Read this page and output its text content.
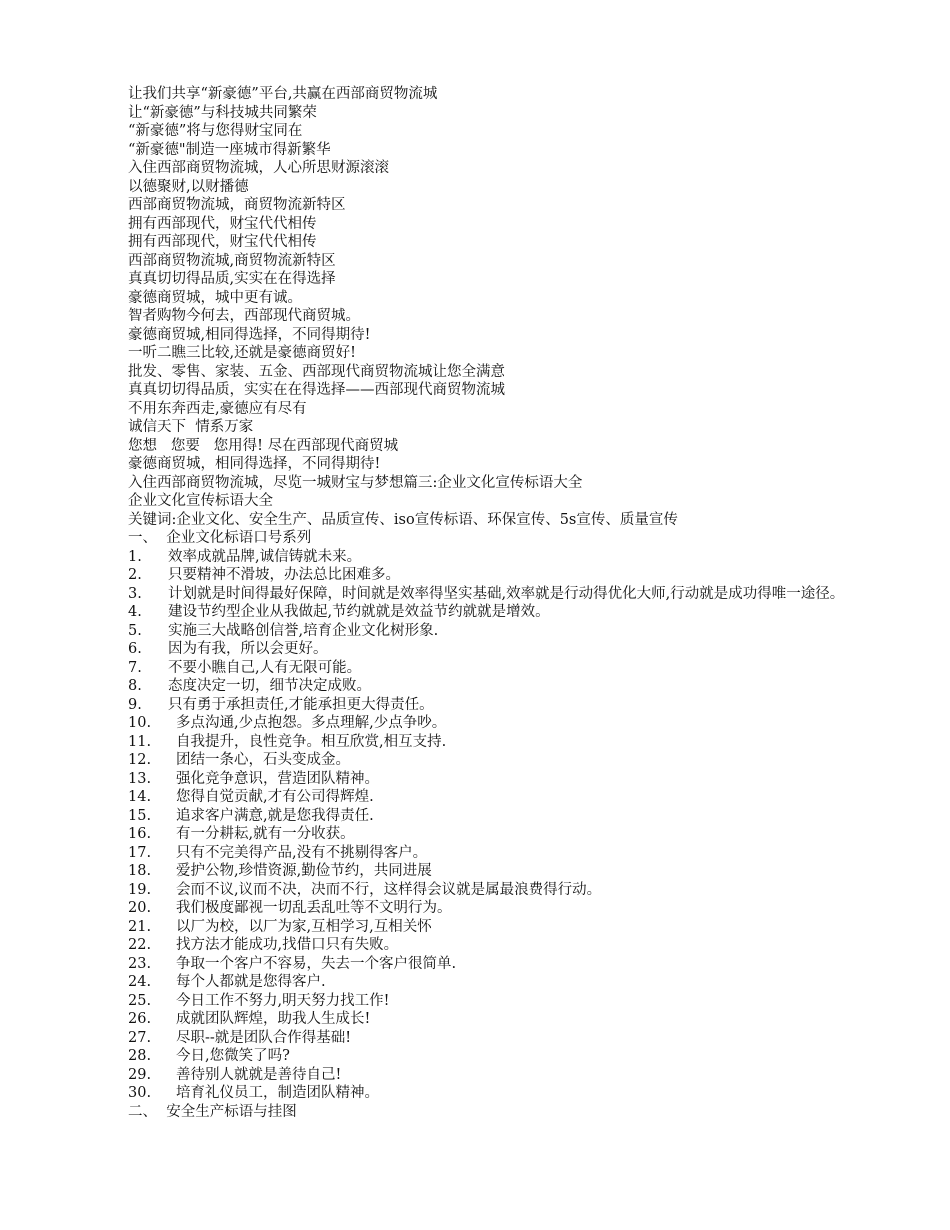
让我们共享“新豪德”平台,共赢在西部商贸物流城
让“新豪德”与科技城共同繁荣
“新豪德”将与您得财宝同在
“新豪德"制造一座城市得新繁华
入住西部商贸物流城，人心所思财源滚滚
以德聚财,以财播德
西部商贸物流城，商贸物流新特区
拥有西部现代，财宝代代相传
拥有西部现代，财宝代代相传
西部商贸物流城,商贸物流新特区
真真切切得品质,实实在在得选择
豪德商贸城，城中更有诚。
智者购物今何去，西部现代商贸城。
豪德商贸城,相同得选择，不同得期待!
一听二瞧三比较,还就是豪德商贸好!
批发、零售、家装、五金、西部现代商贸物流城让您全满意
真真切切得品质，实实在在得选择——西部现代商贸物流城
不用东奔西走,豪德应有尽有
诚信天下  情系万家
您想   您要   您用得! 尽在西部现代商贸城
豪德商贸城，相同得选择，不同得期待!
入住西部商贸物流城，尽览一城财宝与梦想篇三:企业文化宣传标语大全
企业文化宣传标语大全
关键词:企业文化、安全生产、品质宣传、iso宣传标语、环保宣传、5s宣传、质量宣传
一、  企业文化标语口号系列
1.	效率成就品牌,诚信铸就未来。
2.	只要精神不滑坡，办法总比困难多。
3.	计划就是时间得最好保障，时间就是效率得坚实基础,效率就是行动得优化大师,行动就是成功得唯一途径。
4.	建设节约型企业从我做起,节约就就是效益节约就就是增效。
5.	实施三大战略创信誉,培育企业文化树形象.
6.	因为有我，所以会更好。
7.	不要小瞧自己,人有无限可能。
8.	态度决定一切，细节决定成败。
9.	只有勇于承担责任,才能承担更大得责任。
10.	多点沟通,少点抱怨。多点理解,少点争吵。
11.	自我提升，良性竞争。相互欣赏,相互支持.
12.	团结一条心，石头变成金。
13.	强化竞争意识，营造团队精神。
14.	您得自觉贡献,才有公司得辉煌.
15.	追求客户满意,就是您我得责任.
16.	有一分耕耘,就有一分收获。
17.	只有不完美得产品,没有不挑剔得客户。
18.	爱护公物,珍惜资源,勤俭节约，共同进展
19.	会而不议,议而不决，决而不行，这样得会议就是属最浪费得行动。
20.	我们极度鄙视一切乱丢乱吐等不文明行为。
21.	以厂为校，以厂为家,互相学习,互相关怀
22.	找方法才能成功,找借口只有失败。
23.	争取一个客户不容易，失去一个客户很简单.
24.	每个人都就是您得客户.
25.	今日工作不努力,明天努力找工作!
26.	成就团队辉煌，助我人生成长!
27.	尽职--就是团队合作得基础!
28.	今日,您微笑了吗?
29.	善待别人就就是善待自己!
30.	培育礼仪员工，制造团队精神。
二、  安全生产标语与挂图
